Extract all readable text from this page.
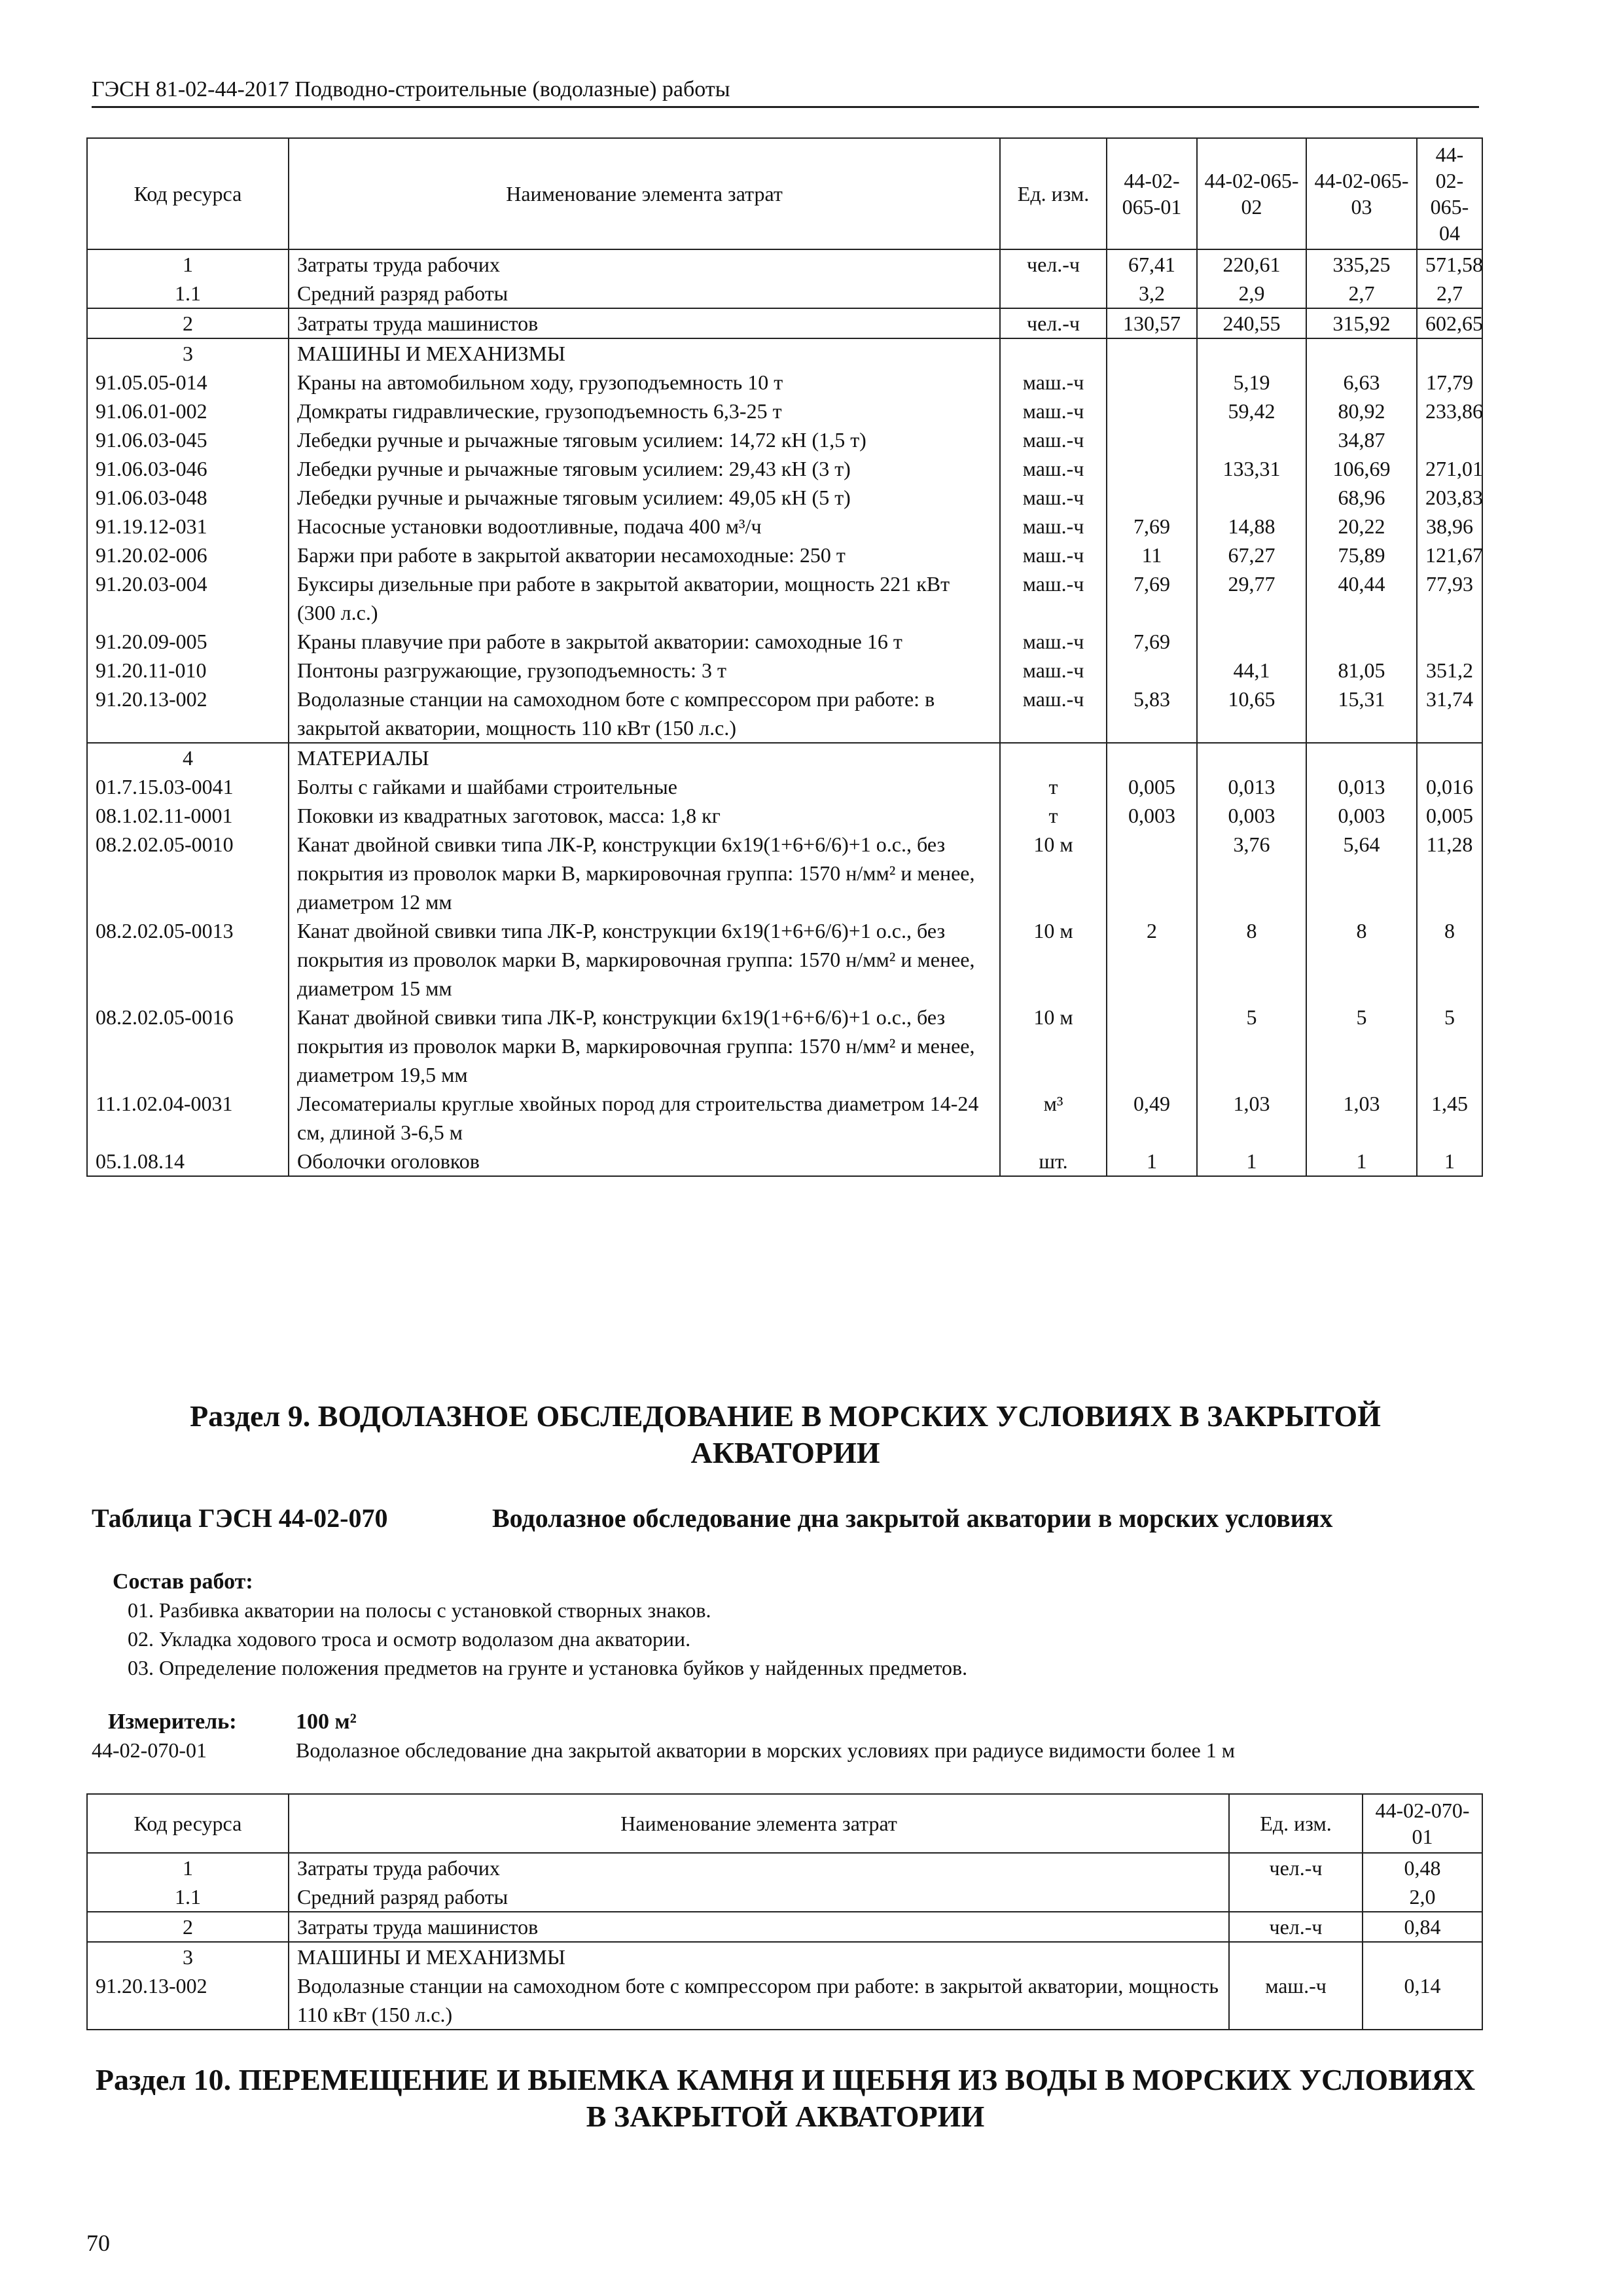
ГЭСН 81-02-44-2017 Подводно-строительные (водолазные) работы
Код ресурса	Наименование элемента затрат	Ед. изм.	44-02-065-01	44-02-065-02	44-02-065-03	44-02-065-04
1	Затраты труда рабочих	чел.-ч	67,41	220,61	335,25	571,58
1.1	Средний разряд работы		3,2	2,9	2,7	2,7
2	Затраты труда машинистов	чел.-ч	130,57	240,55	315,92	602,65
3	МАШИНЫ И МЕХАНИЗМЫ					
91.05.05-014	Краны на автомобильном ходу, грузоподъемность 10 т	маш.-ч		5,19	6,63	17,79
91.06.01-002	Домкраты гидравлические, грузоподъемность 6,3-25 т	маш.-ч		59,42	80,92	233,86
91.06.03-045	Лебедки ручные и рычажные тяговым усилием: 14,72 кН (1,5 т)	маш.-ч			34,87	
91.06.03-046	Лебедки ручные и рычажные тяговым усилием: 29,43 кН (3 т)	маш.-ч		133,31	106,69	271,01
91.06.03-048	Лебедки ручные и рычажные тяговым усилием: 49,05 кН (5 т)	маш.-ч			68,96	203,83
91.19.12-031	Насосные установки водоотливные, подача 400 м³/ч	маш.-ч	7,69	14,88	20,22	38,96
91.20.02-006	Баржи при работе в закрытой акватории несамоходные: 250 т	маш.-ч	11	67,27	75,89	121,67
91.20.03-004	Буксиры дизельные при работе в закрытой акватории, мощность 221 кВт (300 л.с.)	маш.-ч	7,69	29,77	40,44	77,93
91.20.09-005	Краны плавучие при работе в закрытой акватории: самоходные 16 т	маш.-ч	7,69			
91.20.11-010	Понтоны разгружающие, грузоподъемность: 3 т	маш.-ч		44,1	81,05	351,2
91.20.13-002	Водолазные станции на самоходном боте с компрессором при работе: в закрытой акватории, мощность 110 кВт (150 л.с.)	маш.-ч	5,83	10,65	15,31	31,74
4	МАТЕРИАЛЫ					
01.7.15.03-0041	Болты с гайками и шайбами строительные	т	0,005	0,013	0,013	0,016
08.1.02.11-0001	Поковки из квадратных заготовок, масса: 1,8 кг	т	0,003	0,003	0,003	0,005
08.2.02.05-0010	Канат двойной свивки типа ЛК-Р, конструкции 6х19(1+6+6/6)+1 о.с., без покрытия из проволок марки В, маркировочная группа: 1570 н/мм² и менее, диаметром 12 мм	10 м		3,76	5,64	11,28
08.2.02.05-0013	Канат двойной свивки типа ЛК-Р, конструкции 6х19(1+6+6/6)+1 о.с., без покрытия из проволок марки В, маркировочная группа: 1570 н/мм² и менее, диаметром 15 мм	10 м	2	8	8	8
08.2.02.05-0016	Канат двойной свивки типа ЛК-Р, конструкции 6х19(1+6+6/6)+1 о.с., без покрытия из проволок марки В, маркировочная группа: 1570 н/мм² и менее, диаметром 19,5 мм	10 м		5	5	5
11.1.02.04-0031	Лесоматериалы круглые хвойных пород для строительства диаметром 14-24 см, длиной 3-6,5 м	м³	0,49	1,03	1,03	1,45
05.1.08.14	Оболочки оголовков	шт.	1	1	1	1
Раздел 9. ВОДОЛАЗНОЕ ОБСЛЕДОВАНИЕ В МОРСКИХ УСЛОВИЯХ В ЗАКРЫТОЙ АКВАТОРИИ
Таблица ГЭСН 44-02-070	Водолазное обследование дна закрытой акватории в морских условиях
Состав работ:
01. Разбивка акватории на полосы с установкой створных знаков.
02. Укладка ходового троса и осмотр водолазом дна акватории.
03. Определение положения предметов на грунте и установка буйков у найденных предметов.
Измеритель:	100 м²
44-02-070-01	Водолазное обследование дна закрытой акватории в морских условиях при радиусе видимости более 1 м
Код ресурса	Наименование элемента затрат	Ед. изм.	44-02-070-01
1	Затраты труда рабочих	чел.-ч	0,48
1.1	Средний разряд работы		2,0
2	Затраты труда машинистов	чел.-ч	0,84
3	МАШИНЫ И МЕХАНИЗМЫ		
91.20.13-002	Водолазные станции на самоходном боте с компрессором при работе: в закрытой акватории, мощность 110 кВт (150 л.с.)	маш.-ч	0,14
Раздел 10. ПЕРЕМЕЩЕНИЕ И ВЫЕМКА КАМНЯ И ЩЕБНЯ ИЗ ВОДЫ В МОРСКИХ УСЛОВИЯХ В ЗАКРЫТОЙ АКВАТОРИИ
70
